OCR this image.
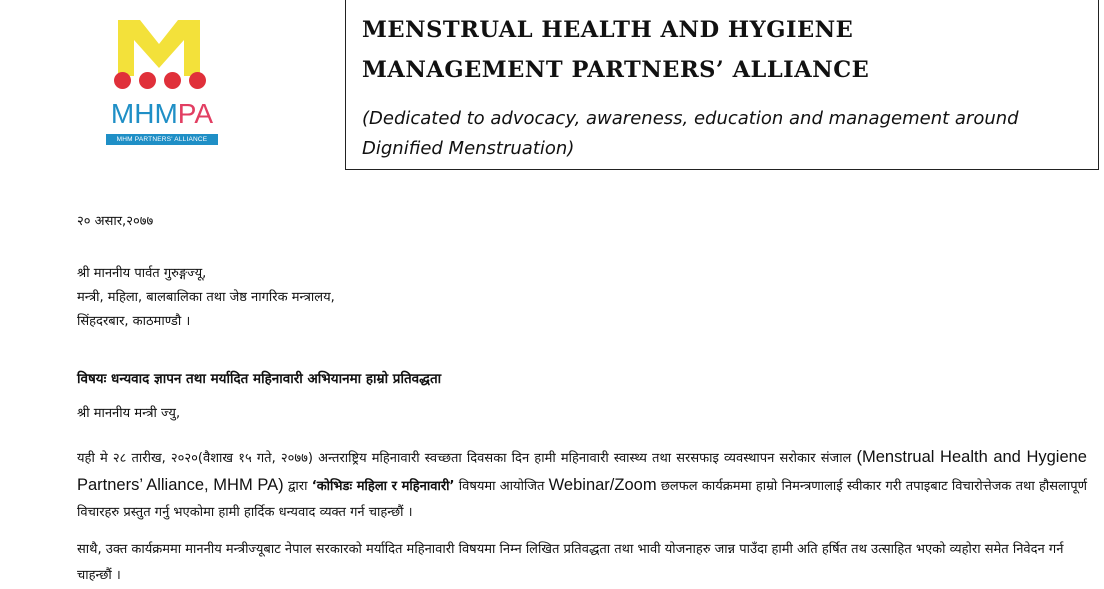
MHMPA
MHM PARTNERS' ALLIANCE NEPAL
MENSTRUAL HEALTH AND HYGIENE MANAGEMENT PARTNERS’ ALLIANCE
(Dedicated to advocacy, awareness, education and management around Dignified Menstruation)
२० असार,२०७७
श्री माननीय पार्वत गुरुङ्गज्यू,
मन्त्री, महिला, बालबालिका तथा जेष्ठ नागरिक मन्त्रालय,
सिंहदरबार, काठमाण्डौ ।
विषयः धन्यवाद ज्ञापन तथा मर्यादित महिनावारी अभियानमा हाम्रो प्रतिवद्धता
श्री माननीय मन्त्री ज्यु,
यही मे २८ तारीख, २०२०(वैशाख १५ गते, २०७७) अन्तराष्ट्रिय महिनावारी स्वच्छता दिवसका दिन हामी महिनावारी स्वास्थ्य तथा सरसफाइ व्यवस्थापन सरोकार संजाल (Menstrual Health and Hygiene Partners’ Alliance, MHM PA) द्वारा ‘कोभिडः महिला र महिनावारी’ विषयमा आयोजित Webinar/Zoom छलफल कार्यक्रममा हाम्रो निमन्त्रणालाई स्वीकार गरी तपाइबाट विचारोत्तेजक तथा हौसलापूर्ण विचारहरु प्रस्तुत गर्नु भएकोमा हामी हार्दिक धन्यवाद व्यक्त गर्न चाहन्छौं ।
साथै, उक्त कार्यक्रममा माननीय मन्त्रीज्यूबाट नेपाल सरकारको मर्यादित महिनावारी विषयमा निम्न लिखित प्रतिवद्धता तथा भावी योजनाहरु जान्न पाउँदा हामी अति हर्षित तथ उत्साहित भएको व्यहोरा समेत निवेदन गर्न चाहन्छौं ।
